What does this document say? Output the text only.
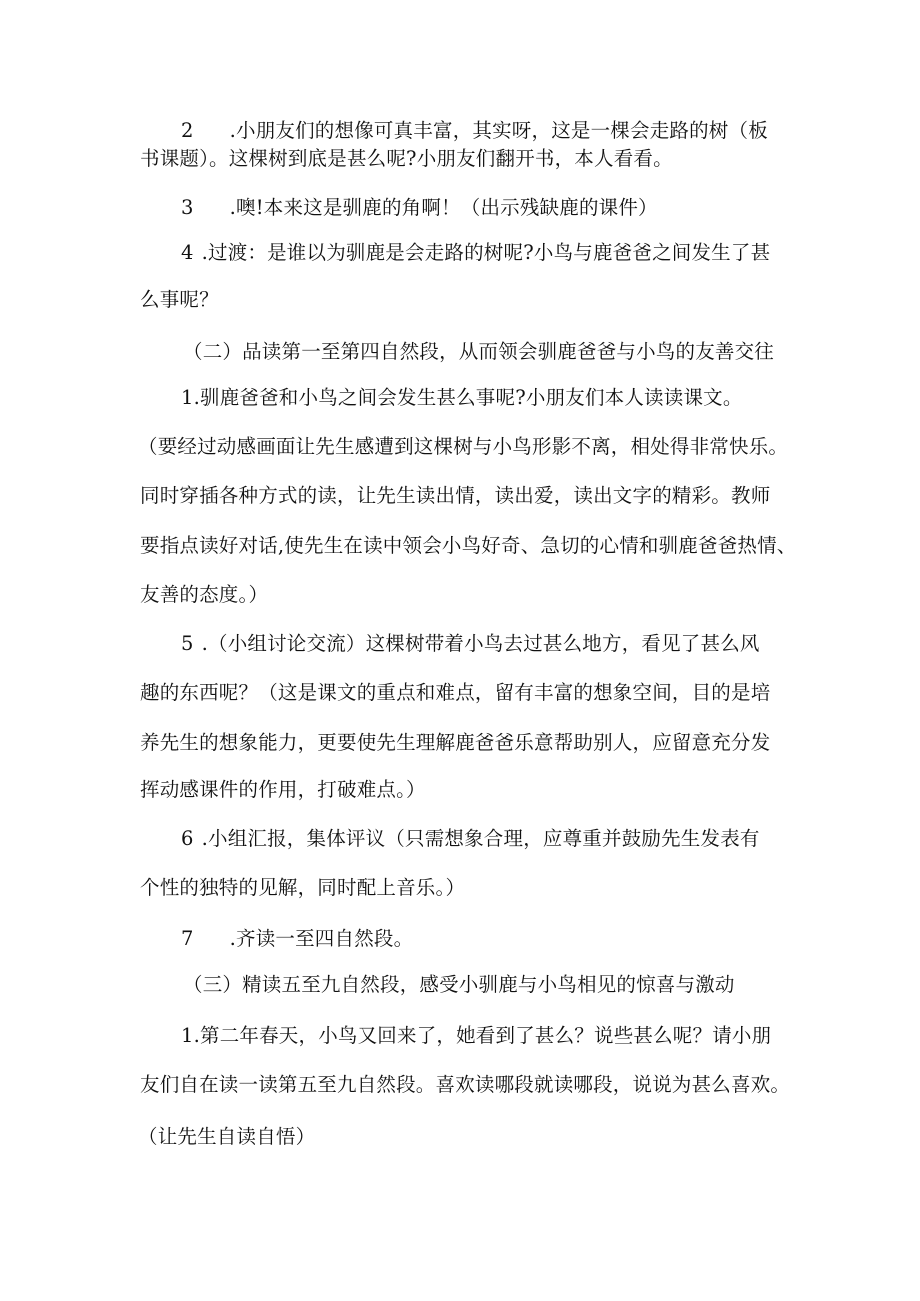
2 .小朋友们的想像可真丰富，其实呀，这是一棵会走路的树（板
书课题）。这棵树到底是甚么呢?小朋友们翻开书，本人看看。
3 .噢!本来这是驯鹿的角啊！（出示残缺鹿的课件）
4 .过渡：是谁以为驯鹿是会走路的树呢?小鸟与鹿爸爸之间发生了甚
么事呢？
（二）品读第一至第四自然段，从而领会驯鹿爸爸与小鸟的友善交往
1.驯鹿爸爸和小鸟之间会发生甚么事呢?小朋友们本人读读课文。
（要经过动感画面让先生感遭到这棵树与小鸟形影不离，相处得非常快乐。
同时穿插各种方式的读，让先生读出情，读出爱，读出文字的精彩。教师
要指点读好对话,使先生在读中领会小鸟好奇、急切的心情和驯鹿爸爸热情、
友善的态度。）
5 .（小组讨论交流）这棵树带着小鸟去过甚么地方，看见了甚么风
趣的东西呢？（这是课文的重点和难点，留有丰富的想象空间，目的是培
养先生的想象能力，更要使先生理解鹿爸爸乐意帮助别人，应留意充分发
挥动感课件的作用，打破难点。）
6 .小组汇报，集体评议（只需想象合理，应尊重并鼓励先生发表有
个性的独特的见解，同时配上音乐。）
7 .齐读一至四自然段。
（三）精读五至九自然段，感受小驯鹿与小鸟相见的惊喜与激动
1.第二年春天，小鸟又回来了，她看到了甚么？说些甚么呢？请小朋
友们自在读一读第五至九自然段。喜欢读哪段就读哪段，说说为甚么喜欢。
（让先生自读自悟）
